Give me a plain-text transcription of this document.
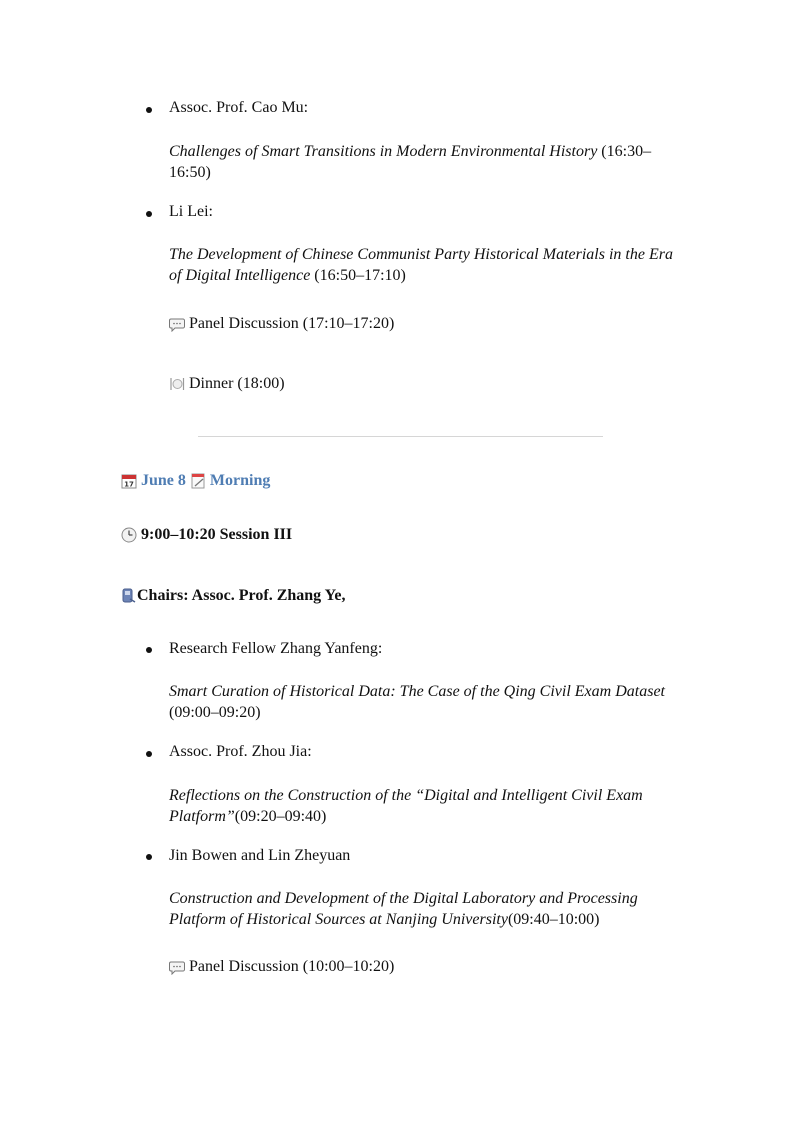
Assoc. Prof. Cao Mu:
Challenges of Smart Transitions in Modern Environmental History (16:30–16:50)
Li Lei:
The Development of Chinese Communist Party Historical Materials in the Era of Digital Intelligence (16:50–17:10)
Panel Discussion (17:10–17:20)
Dinner (18:00)
17 June 8 Morning
9:00–10:20 Session III
Chairs: Assoc. Prof. Zhang Ye,
Research Fellow Zhang Yanfeng:
Smart Curation of Historical Data: The Case of the Qing Civil Exam Dataset (09:00–09:20)
Assoc. Prof. Zhou Jia:
Reflections on the Construction of the “Digital and Intelligent Civil Exam Platform”(09:20–09:40)
Jin Bowen and Lin Zheyuan
Construction and Development of the Digital Laboratory and Processing Platform of Historical Sources at Nanjing University(09:40–10:00)
Panel Discussion (10:00–10:20)
